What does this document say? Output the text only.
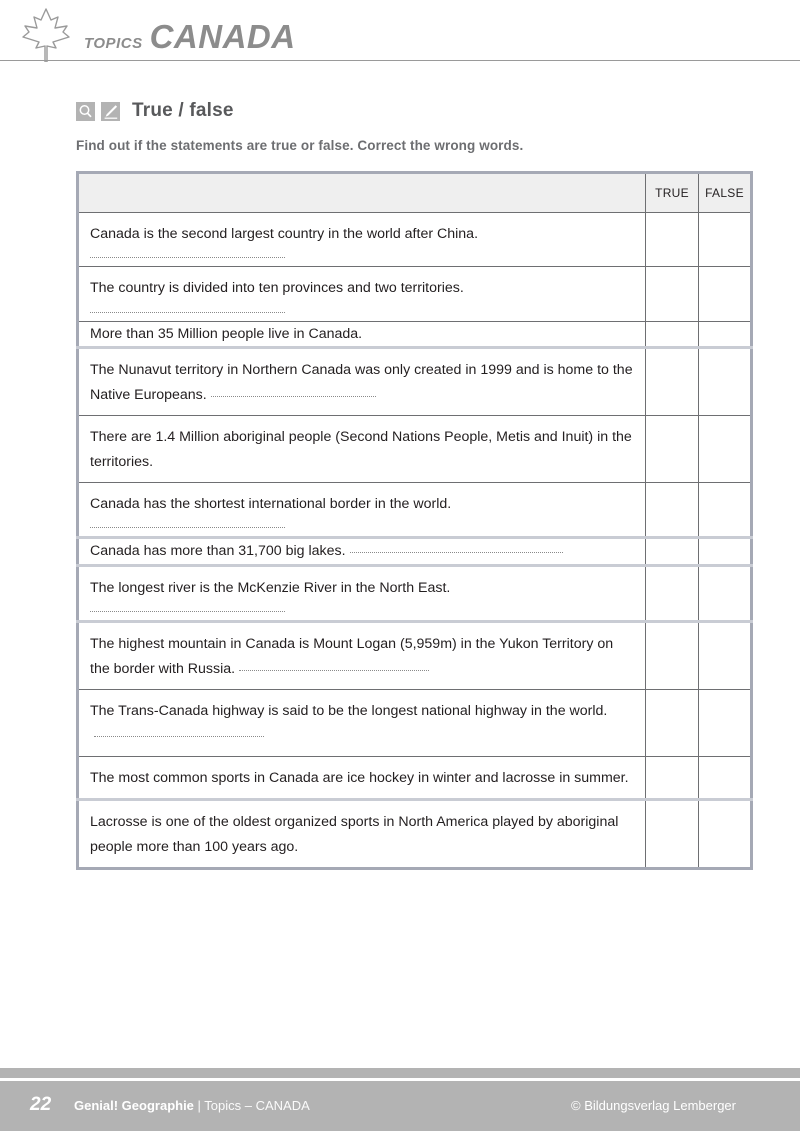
TOPICS CANADA
True / false
Find out if the statements are true or false. Correct the wrong words.
	TRUE	FALSE
Canada is the second largest country in the world after China.

The country is divided into ten provinces and two territories.

More than 35 Million people live in Canada.		
The Nunavut territory in Northern Canada was only created in 1999 and is home to the Native Europeans.		
There are 1.4 Million aboriginal people (Second Nations People, Metis and Inuit) in the territories.		
Canada has the shortest international border in the world.

Canada has more than 31,700 big lakes.		
The longest river is the McKenzie River in the North East.

The highest mountain in Canada is Mount Logan (5,959m) in the Yukon Territory on the border with Russia.		
The Trans-Canada highway is said to be the longest national highway in the world.		
The most common sports in Canada are ice hockey in winter and lacrosse in summer.		
Lacrosse is one of the oldest organized sports in North America played by aboriginal people more than 100 years ago.		
22 Genial! Geographie | Topics – CANADA	© Bildungsverlag Lemberger
